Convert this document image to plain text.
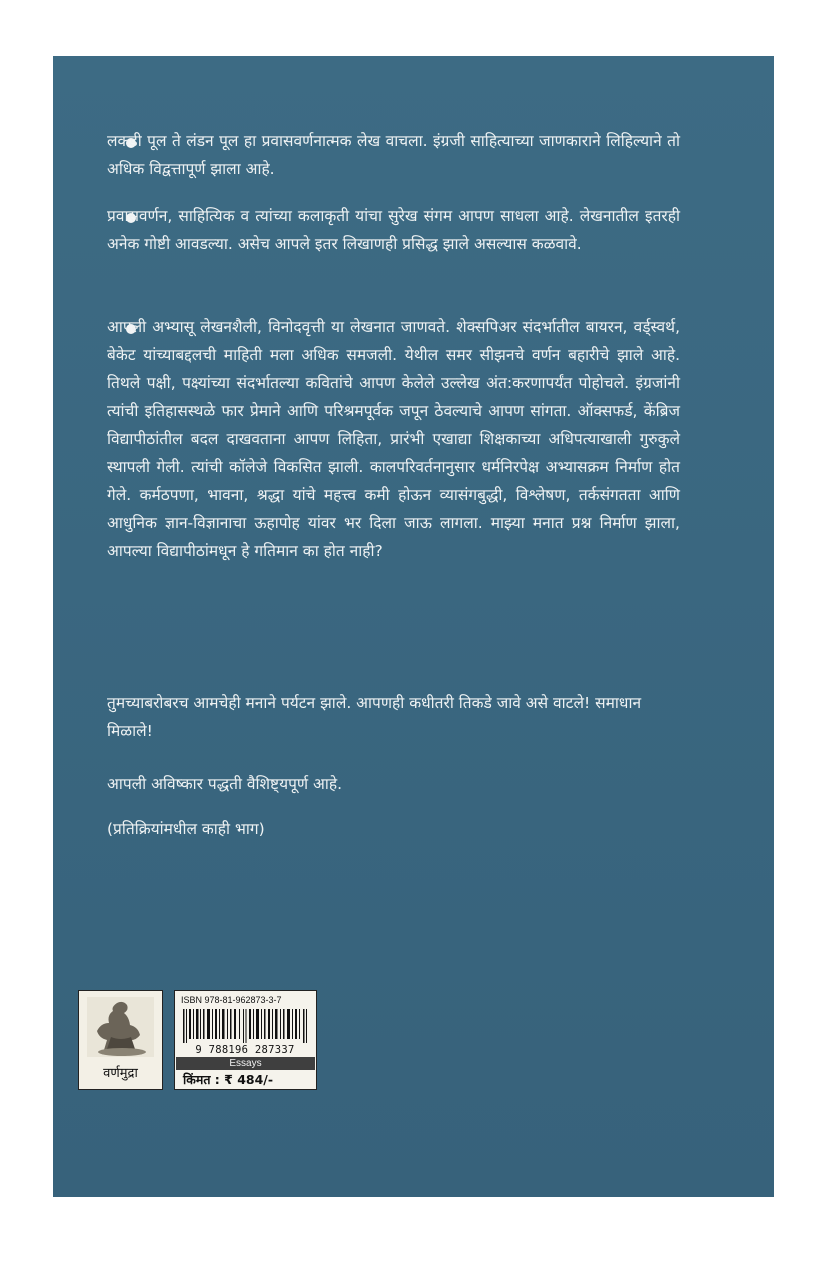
लकडी पूल ते लंडन पूल हा प्रवासवर्णनात्मक लेख वाचला. इंग्रजी साहित्याच्या जाणकाराने लिहिल्याने तो अधिक विद्वत्तापूर्ण झाला आहे.

प्रवासवर्णन, साहित्यिक व त्यांच्या कलाकृती यांचा सुरेख संगम आपण साधला आहे. लेखनातील इतरही अनेक गोष्टी आवडल्या. असेच आपले इतर लिखाणही प्रसिद्ध झाले असल्यास कळवावे.

आपली अभ्यासू लेखनशैली, विनोदवृत्ती या लेखनात जाणवते. शेक्सपिअर संदर्भातील बायरन, वर्ड्स्वर्थ, बेकेट यांच्याबद्दलची माहिती मला अधिक समजली. येथील समर सीझनचे वर्णन बहारीचे झाले आहे. तिथले पक्षी, पक्ष्यांच्या संदर्भातल्या कवितांचे आपण केलेले उल्लेख अंत:करणापर्यंत पोहोचले. इंग्रजांनी त्यांची इतिहासस्थळे फार प्रेमाने आणि परिश्रमपूर्वक जपून ठेवल्याचे आपण सांगता. ऑक्सफर्ड, केंब्रिज विद्यापीठांतील बदल दाखवताना आपण लिहिता, प्रारंभी एखाद्या शिक्षकाच्या अधिपत्याखाली गुरुकुले स्थापली गेली. त्यांची कॉलेजे विकसित झाली. कालपरिवर्तनानुसार धर्मनिरपेक्ष अभ्यासक्रम निर्माण होत गेले. कर्मठपणा, भावना, श्रद्धा यांचे महत्त्व कमी होऊन व्यासंगबुद्धी, विश्लेषण, तर्कसंगतता आणि आधुनिक ज्ञान-विज्ञानाचा ऊहापोह यांवर भर दिला जाऊ लागला. माझ्या मनात प्रश्न निर्माण झाला, आपल्या विद्यापीठांमधून हे गतिमान का होत नाही?

तुमच्याबरोबरच आमचेही मनाने पर्यटन झाले. आपणही कधीतरी तिकडे जावे असे वाटले! समाधान मिळाले!

आपली अविष्कार पद्धती वैशिष्ट्यपूर्ण आहे.

(प्रतिक्रियांमधील काही भाग)

वर्णमुद्रा
ISBN 978-81-962873-3-7
9 788196 287337
Essays
किंमत : ₹ 484/-
